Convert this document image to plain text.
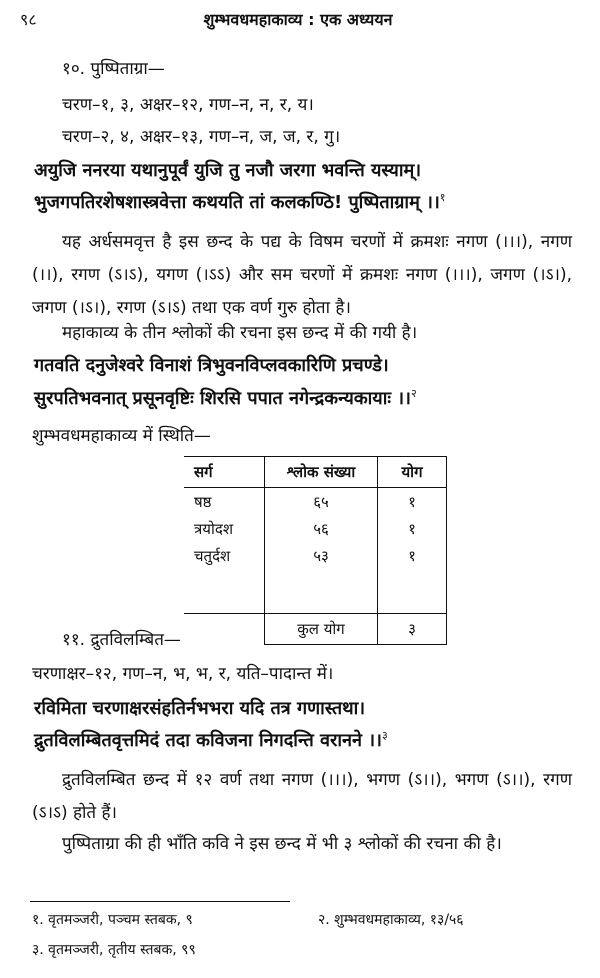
९८	शुम्भवधमहाकाव्य : एक अध्ययन
१०. पुष्पिताग्रा—
चरण–१, ३, अक्षर–१२, गण–न, न, र, य।
चरण–२, ४, अक्षर–१३, गण–न, ज, ज, र, गु।
अयुजि ननरया यथानुपूर्वं युजि तु नजौ जरगा भवन्ति यस्याम्।
भुजगपतिरशेषशास्त्रवेत्ता कथयति तां कलकण्ठि! पुष्पिताग्राम् ।।$^१$
यह अर्धसमवृत्त है इस छन्द के पद्य के विषम चरणों में क्रमशः नगण (।।।), नगण (।।), रगण (ऽ।ऽ), यगण (।ऽऽ) और सम चरणों में क्रमशः नगण (।।।), जगण (।ऽ।), जगण (।ऽ।), रगण (ऽ।ऽ) तथा एक वर्ण गुरु होता है।
महाकाव्य के तीन श्लोकों की रचना इस छन्द में की गयी है।
गतवति दनुजेश्वरे विनाशं त्रिभुवनविप्लवकारिणि प्रचण्डे।
सुरपतिभवनात् प्रसूनवृष्टिः शिरसि पपात नगेन्द्रकन्यकायाः ।।$^२$
शुम्भवधमहाकाव्य में स्थिति—
सर्ग	श्लोक संख्या	योग
षष्ठ	६५	१
त्रयोदश	५६	१
चतुर्दश	५३	१

	कुल योग	३
११. द्रुतविलम्बित—
चरणाक्षर–१२, गण–न, भ, भ, र, यति–पादान्त में।
रविमिता चरणाक्षरसंहतिर्नभभरा यदि तत्र गणास्तथा।
द्रुतविलम्बितवृत्तमिदं तदा कविजना निगदन्ति वरानने ।।$^३$
द्रुतविलम्बित छन्द में १२ वर्ण तथा नगण (।।।), भगण (ऽ।।), भगण (ऽ।।), रगण (ऽ।ऽ) होते हैं।
पुष्पिताग्रा की ही भाँति कवि ने इस छन्द में भी ३ श्लोकों की रचना की है।
१. वृतमञ्जरी, पञ्चम स्तबक, ९	२. शुम्भवधमहाकाव्य, १३/५६
३. वृतमञ्जरी, तृतीय स्तबक, ९९
